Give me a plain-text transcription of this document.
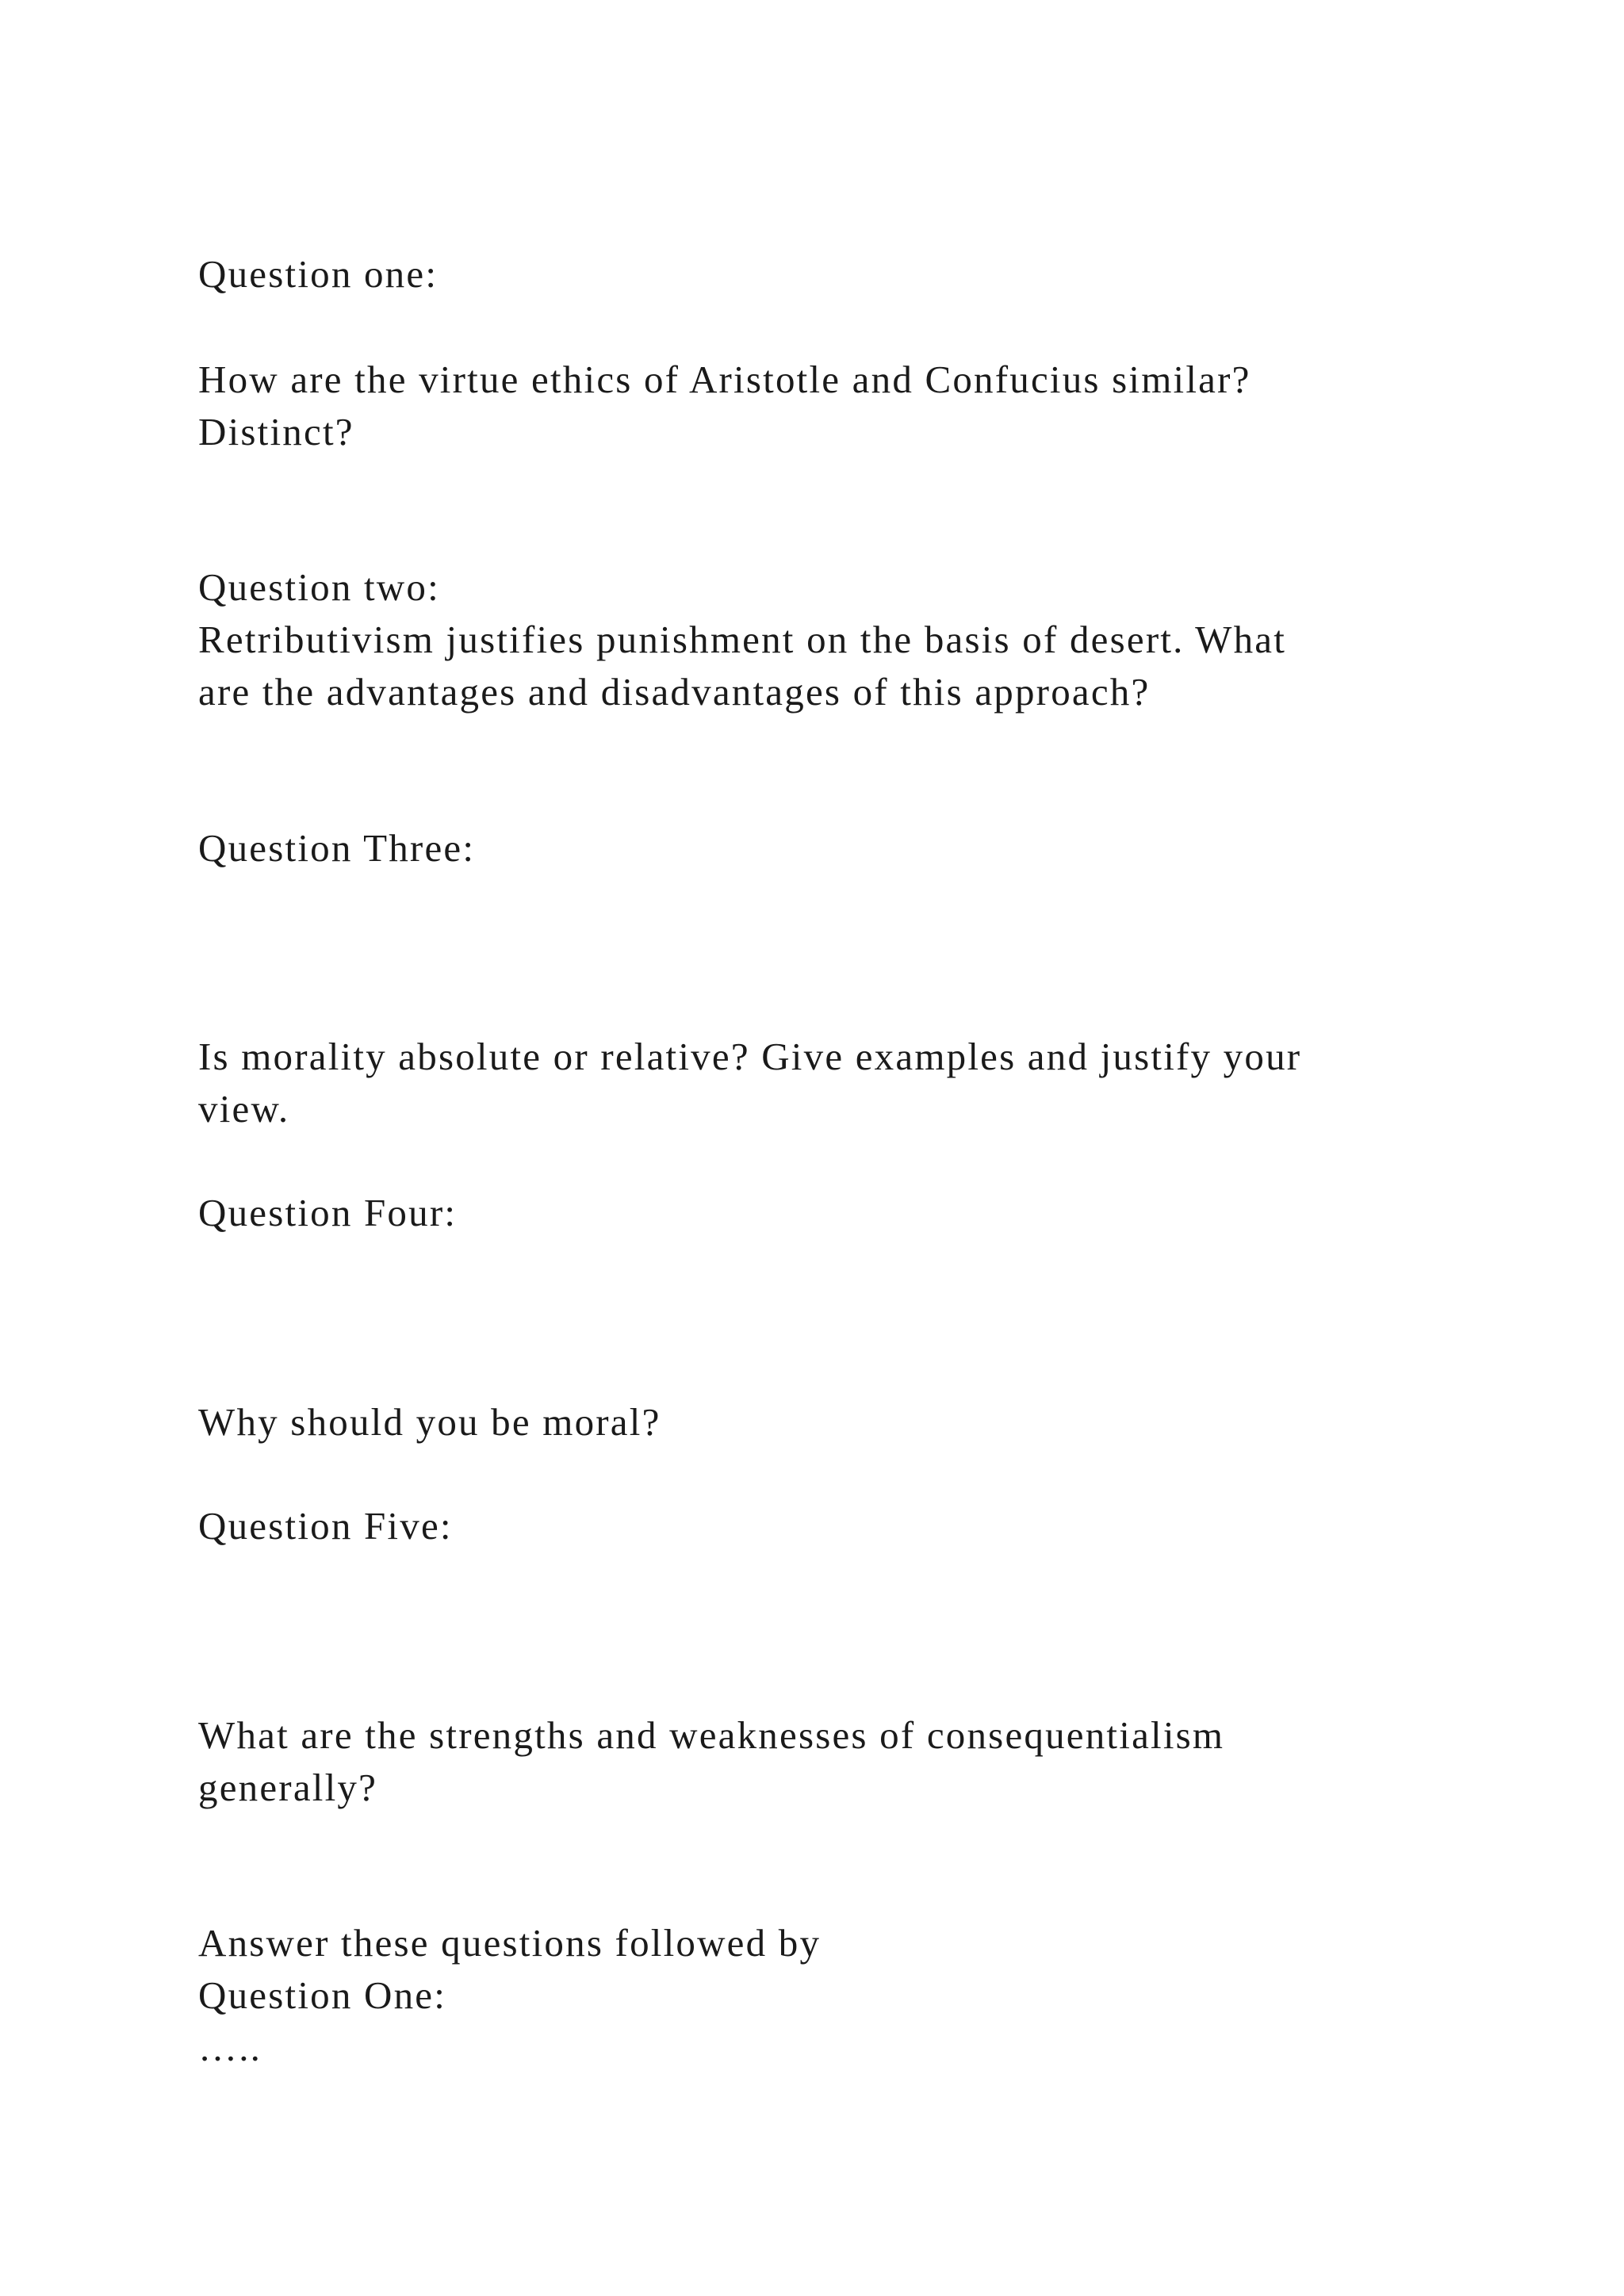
Question one:

How are the virtue ethics of Aristotle and Confucius similar?

Distinct?

Question two:

Retributivism justifies punishment on the basis of desert. What

are the advantages and disadvantages of this approach?

Question Three:

Is morality absolute or relative? Give examples and justify your

view.

Question Four:

Why should you be moral?

Question Five:

What are the strengths and weaknesses of consequentialism

generally?

Answer these questions followed by

Question One:

…..
